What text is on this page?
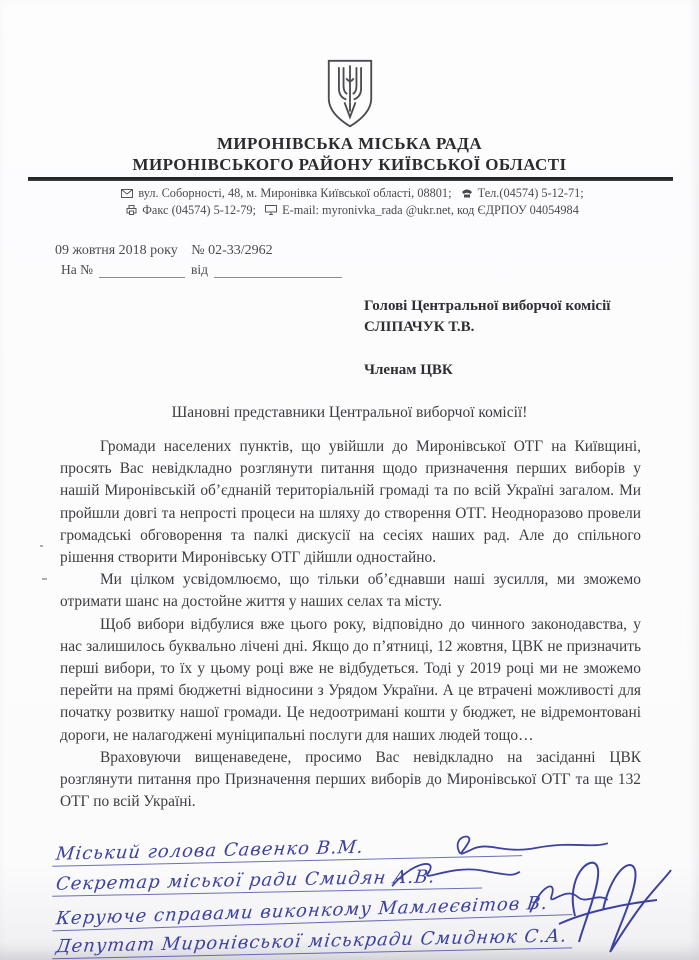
МИРОНІВСЬКА МІСЬКА РАДА
МИРОНІВСЬКОГО РАЙОНУ КИЇВСЬКОЇ ОБЛАСТІ
вул. Соборності, 48, м. Миронівка Київської області, 08801; Тел.(04574) 5-12-71;
Факс (04574) 5-12-79; E-mail: myronivka_rada @ukr.net, код ЄДРПОУ 04054984
09 жовтня 2018 року № 02-33/2962
На №	від
Голові Центральної виборчої комісії
СЛІПАЧУК Т.В.
Членам ЦВК
Шановні представники Центральної виборчої комісії!

Громади населених пунктів, що увійшли до Миронівської ОТГ на Київщині, просять Вас невідкладно розглянути питання щодо призначення перших виборів у нашій Миронівській об’єднаній територіальній громаді та по всій Україні загалом. Ми пройшли довгі та непрості процеси на шляху до створення ОТГ. Неодноразово провели громадські обговорення та палкі дискусії на сесіях наших рад. Але до спільного рішення створити Миронівську ОТГ дійшли одностайно.

Ми цілком усвідомлюємо, що тільки об’єднавши наші зусилля, ми зможемо отримати шанс на достойне життя у наших селах та місту.

Щоб вибори відбулися вже цього року, відповідно до чинного законодавства, у нас залишилось буквально лічені дні. Якщо до п’ятниці, 12 жовтня, ЦВК не призначить перші вибори, то їх у цьому році вже не відбудеться. Тоді у 2019 році ми не зможемо перейти на прямі бюджетні відносини з Урядом України. А це втрачені можливості для початку розвитку нашої громади. Це недоотримані кошти у бюджет, не відремонтовані дороги, не налагоджені муніципальні послуги для наших людей тощо…

Враховуючи вищенаведене, просимо Вас невідкладно на засіданні ЦВК розглянути питання про Призначення перших виборів до Миронівської ОТГ та ще 132 ОТГ по всій Україні.

Міський голова Савенко В.М.
Секретар міської ради Смидян А.В.
Керуюче справами виконкому Мамлеєвітов В.
Депутат Миронівської міськради Смиднюк С.А.
